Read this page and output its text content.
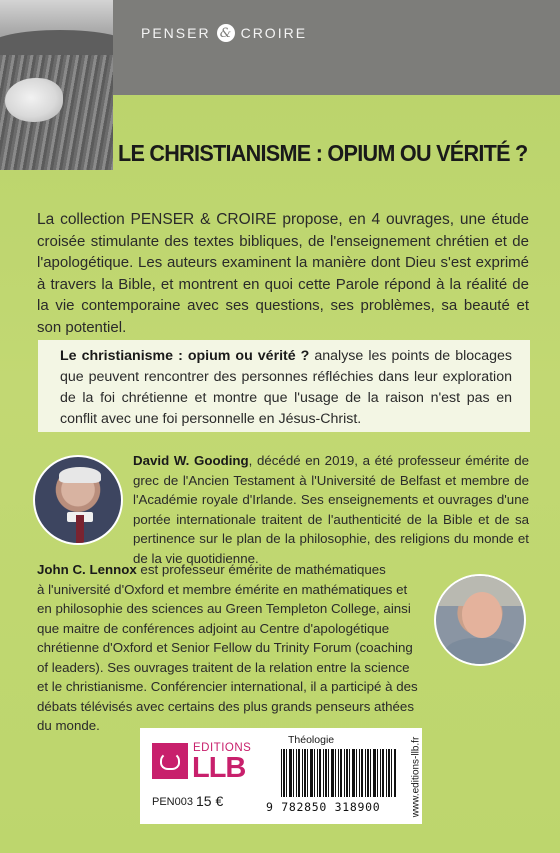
PENSER & CROIRE
LE CHRISTIANISME : OPIUM OU VÉRITÉ ?
La collection PENSER & CROIRE propose, en 4 ouvrages, une étude croisée stimulante des textes bibliques, de l'enseignement chrétien et de l'apologétique. Les auteurs examinent la manière dont Dieu s'est exprimé à travers la Bible, et montrent en quoi cette Parole répond à la réalité de la vie contemporaine avec ses questions, ses problèmes, sa beauté et son potentiel.
Le christianisme : opium ou vérité ? analyse les points de blocages que peuvent rencontrer des personnes réfléchies dans leur exploration de la foi chrétienne et montre que l'usage de la raison n'est pas en conflit avec une foi personnelle en Jésus-Christ.
David W. Gooding, décédé en 2019, a été professeur émérite de grec de l'Ancien Testament à l'Université de Belfast et membre de l'Académie royale d'Irlande. Ses enseignements et ouvrages d'une portée internationale traitent de l'authenticité de la Bible et de sa pertinence sur le plan de la philosophie, des religions du monde et de la vie quotidienne.
John C. Lennox est professeur émérite de mathématiques
à l'université d'Oxford et membre émérite en mathématiques et
en philosophie des sciences au Green Templeton College, ainsi
que maitre de conférences adjoint au Centre d'apologétique
chrétienne d'Oxford et Senior Fellow du Trinity Forum (coaching
of leaders). Ses ouvrages traitent de la relation entre la science
et le christianisme. Conférencier international, il a participé à des
débats télévisés avec certains des plus grands penseurs athées
du monde.
EDITIONS
LLB
Théologie
PEN003 15 €	9 782850 318900	www.editions-llb.fr
